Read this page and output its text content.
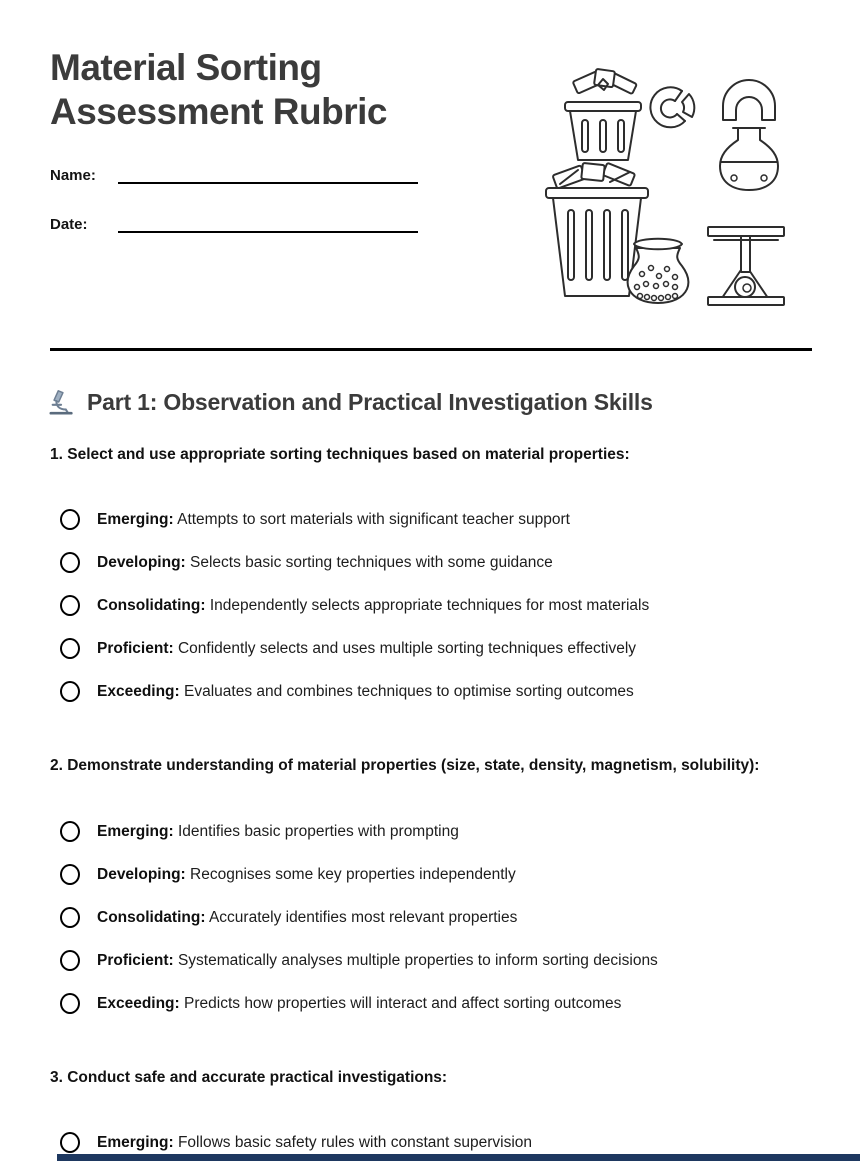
Material Sorting Assessment Rubric
Name:
Date:
Part 1: Observation and Practical Investigation Skills
1. Select and use appropriate sorting techniques based on material properties:
Emerging: Attempts to sort materials with significant teacher support
Developing: Selects basic sorting techniques with some guidance
Consolidating: Independently selects appropriate techniques for most materials
Proficient: Confidently selects and uses multiple sorting techniques effectively
Exceeding: Evaluates and combines techniques to optimise sorting outcomes
2. Demonstrate understanding of material properties (size, state, density, magnetism, solubility):
Emerging: Identifies basic properties with prompting
Developing: Recognises some key properties independently
Consolidating: Accurately identifies most relevant properties
Proficient: Systematically analyses multiple properties to inform sorting decisions
Exceeding: Predicts how properties will interact and affect sorting outcomes
3. Conduct safe and accurate practical investigations:
Emerging: Follows basic safety rules with constant supervision
